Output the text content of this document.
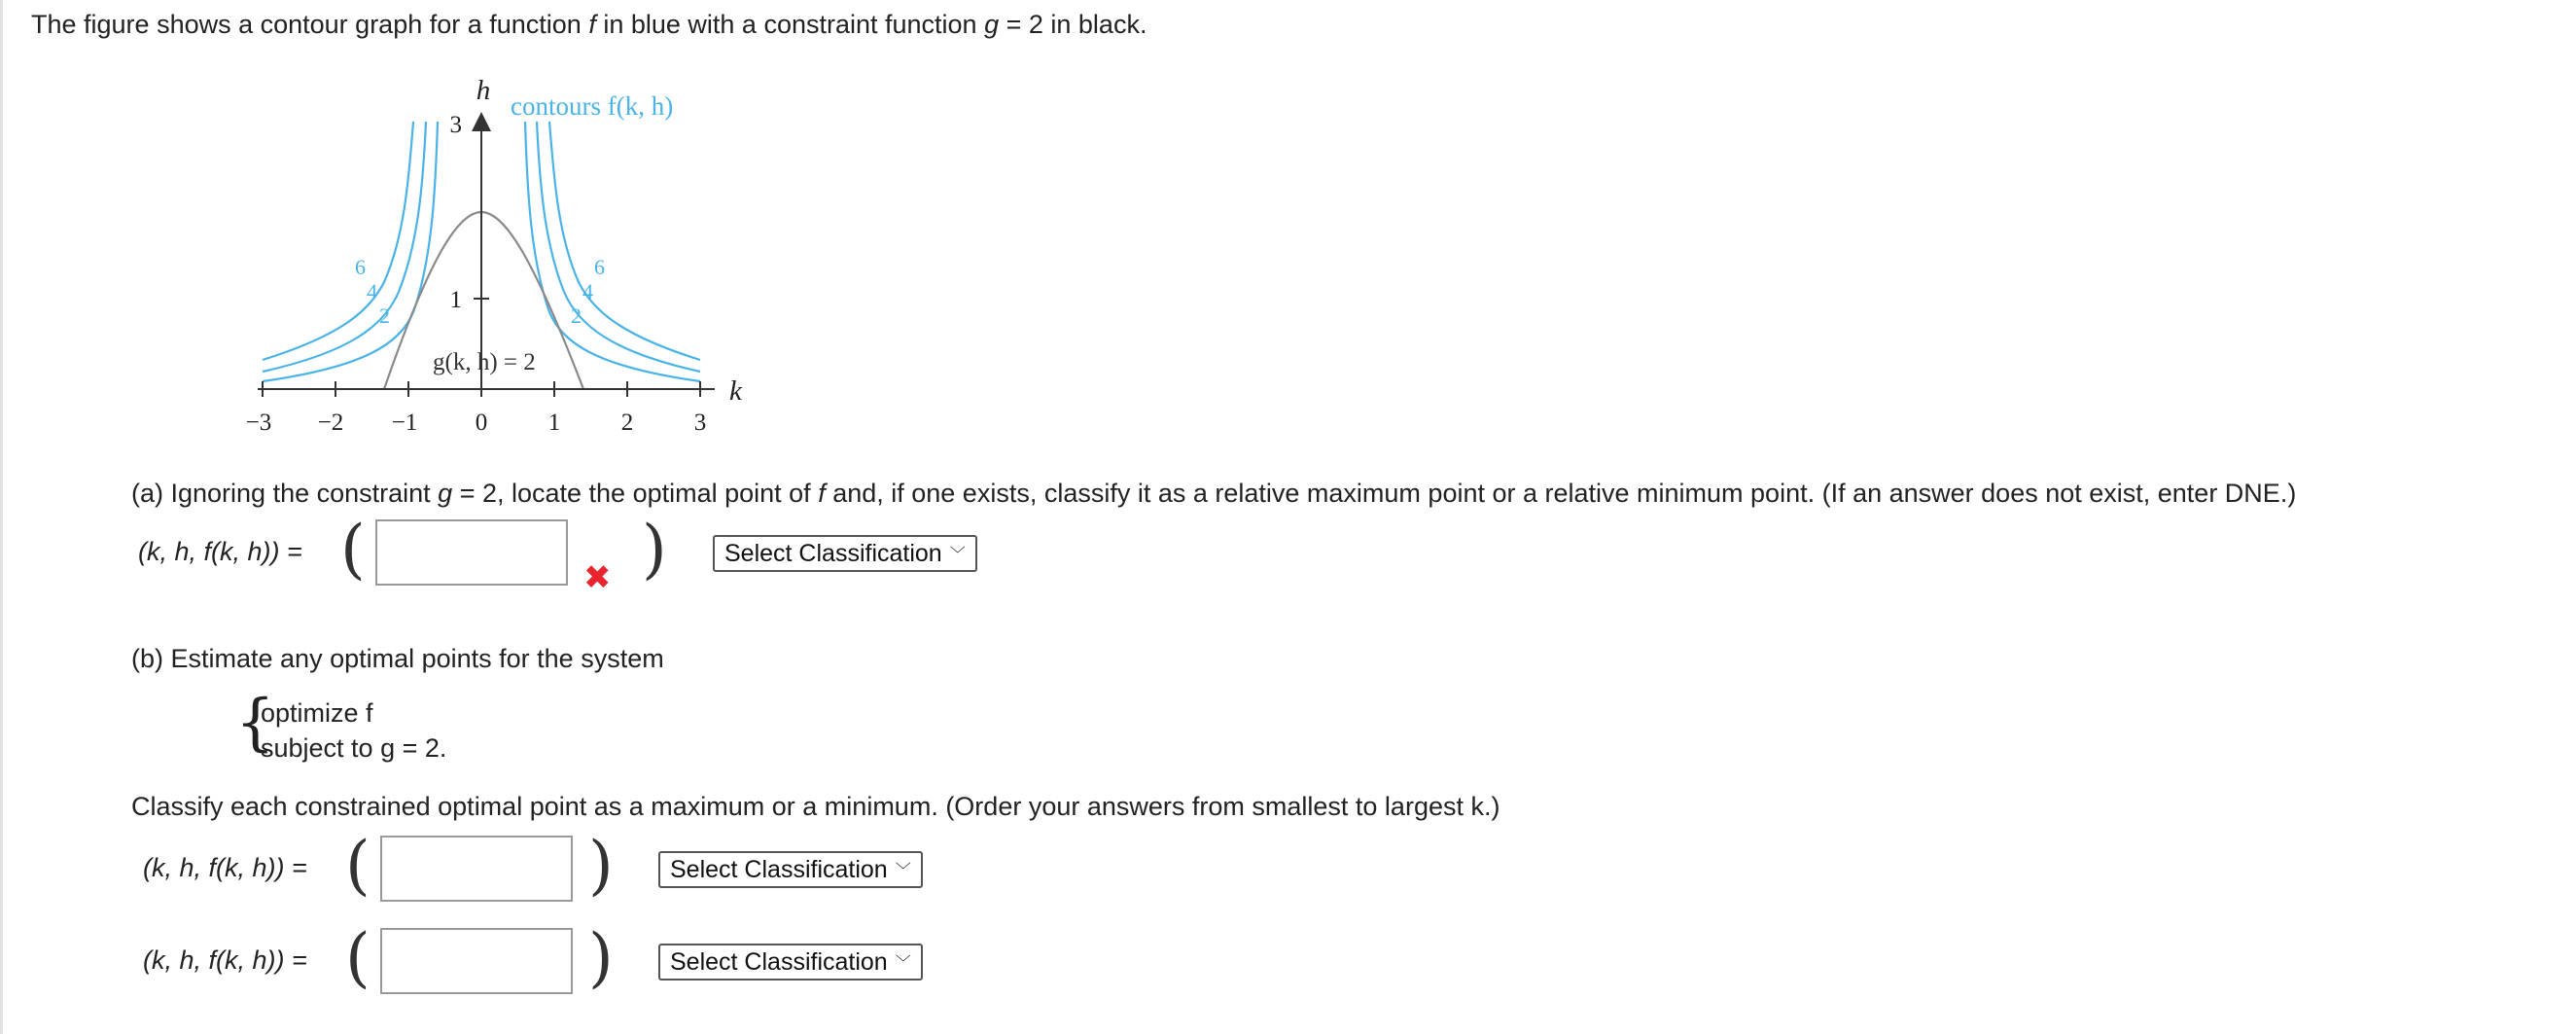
The figure shows a contour graph for a function f in blue with a constraint function g = 2 in black.
−3 −2 −1 0	1	2	3
1
3
h
k
contours f(k, h)
g(k, h) = 2
6
4
2
6
4
2
(a) Ignoring the constraint g = 2, locate the optimal point of f and, if one exists, classify it as a relative maximum point or a relative minimum point. (If an answer does not exist, enter DNE.)
(k, h, f(k, h)) = (	✖ )	Select Classification ﹀
(b) Estimate any optimal points for the system
{
optimize f
subject to g = 2.
Classify each constrained optimal point as a maximum or a minimum. (Order your answers from smallest to largest k.)
(k, h, f(k, h)) = (	)	Select Classification ﹀
(k, h, f(k, h)) = (	)	Select Classification ﹀
